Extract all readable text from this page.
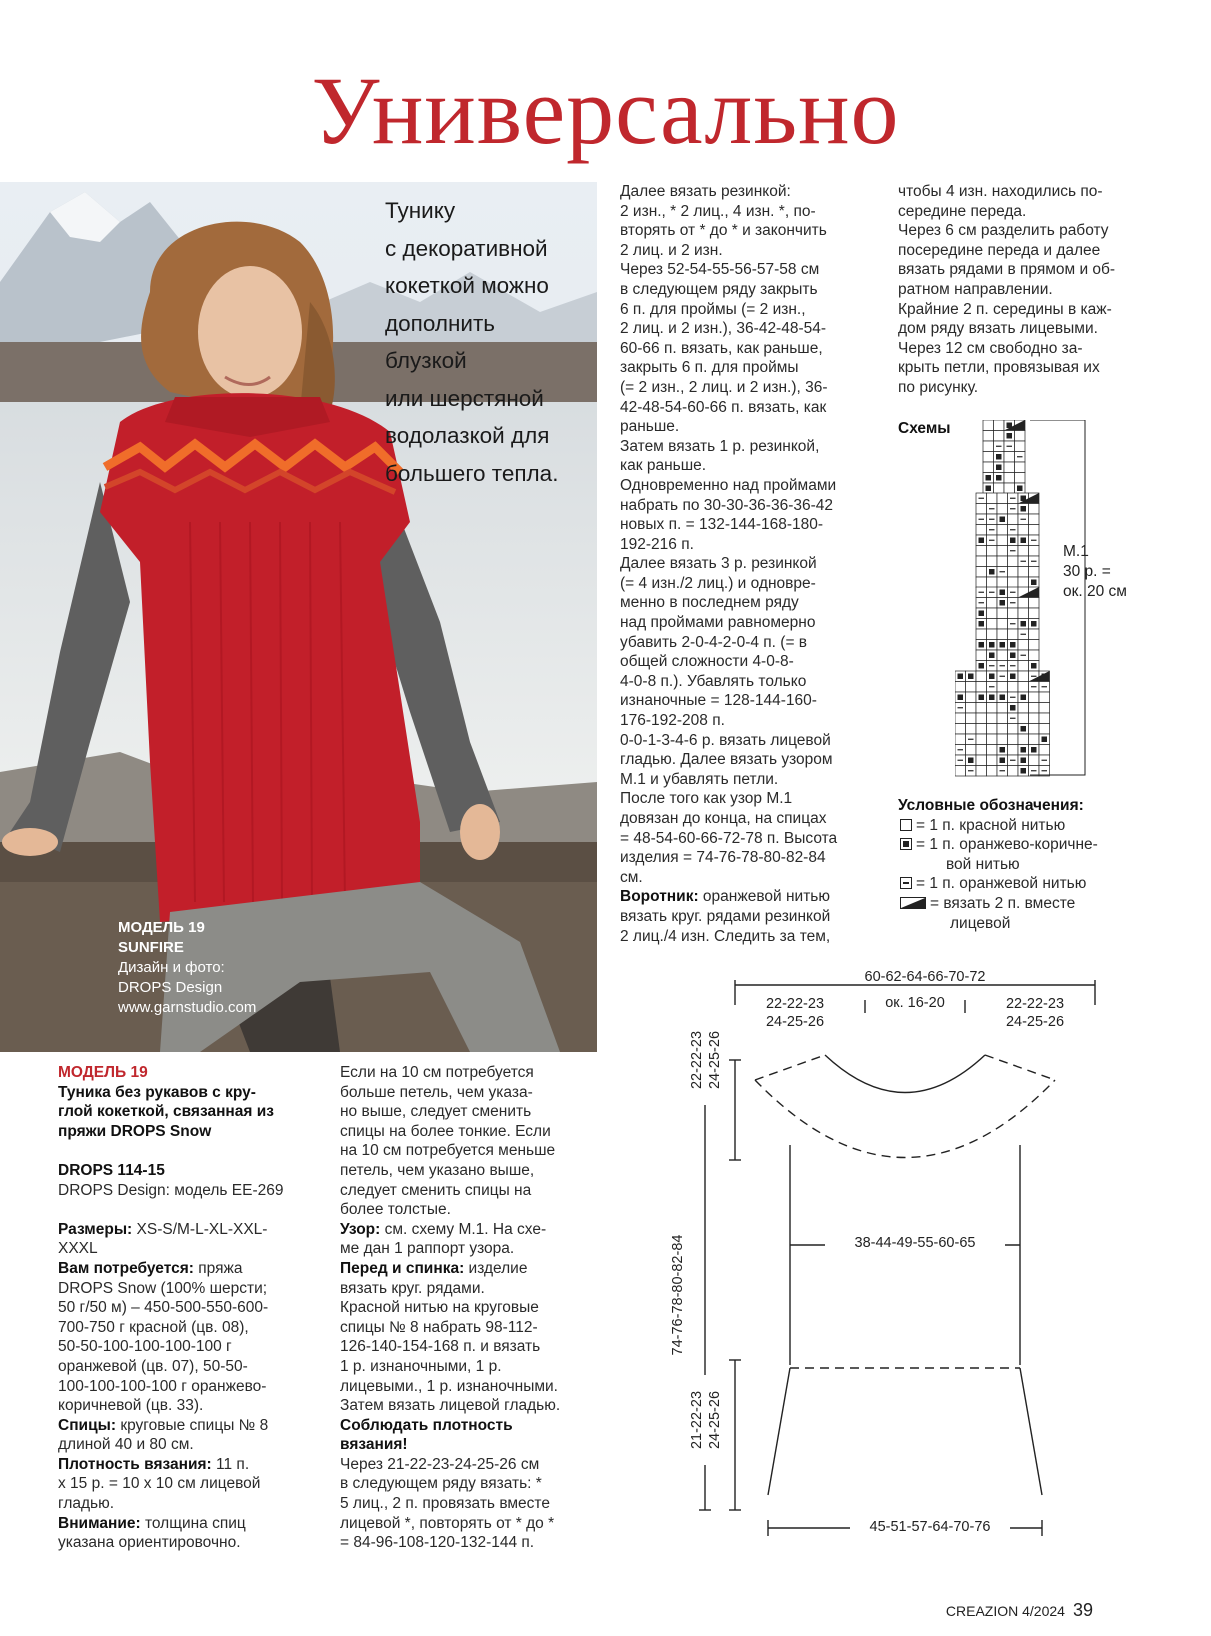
Универсально
Тунику
с декоративной
кокеткой можно
дополнить
блузкой
или шерстяной
водолазкой для
большего тепла.
МОДЕЛЬ 19
SUNFIRE
Дизайн и фото:
DROPS Design
www.garnstudio.com

МОДЕЛЬ 19

Туника без рукавов с кру-

глой кокеткой, связанная из

пряжи DROPS Snow

DROPS 114-15

DROPS Design: модель EE-269

Размеры: XS-S/M-L-XL-XXL-

XXXL

Вам потребуется: пряжа

DROPS Snow (100% шерсти;

50 г/50 м) – 450-500-550-600-

700-750 г красной (цв. 08),

50-50-100-100-100-100 г

оранжевой (цв. 07), 50-50-

100-100-100-100 г оранжево-

коричневой (цв. 33).

Спицы: круговые спицы № 8

длиной 40 и 80 см.

Плотность вязания: 11 п.

x 15 р. = 10 x 10 см лицевой

гладью.

Внимание: толщина спиц

указана ориентировочно.

Если на 10 см потребуется

больше петель, чем указа-

но выше, следует сменить

спицы на более тонкие. Если

на 10 см потребуется меньше

петель, чем указано выше,

следует сменить спицы на

более толстые.

Узор: см. схему М.1. На схе-

ме дан 1 раппорт узора.

Перед и спинка: изделие

вязать круг. рядами.

Красной нитью на круговые

спицы № 8 набрать 98-112-

126-140-154-168 п. и вязать

1 р. изнаночными, 1 р.

лицевыми., 1 р. изнаночными.

Затем вязать лицевой гладью.

Соблюдать плотность

вязания!

Через 21-22-23-24-25-26 см

в следующем ряду вязать: *

5 лиц., 2 п. провязать вместе

лицевой *, повторять от * до *

= 84-96-108-120-132-144 п.

Далее вязать резинкой:

2 изн., * 2 лиц., 4 изн. *, по-

вторять от * до * и закончить

2 лиц. и 2 изн.

Через 52-54-55-56-57-58 см

в следующем ряду закрыть

6 п. для проймы (= 2 изн.,

2 лиц. и 2 изн.), 36-42-48-54-

60-66 п. вязать, как раньше,

закрыть 6 п. для проймы

(= 2 изн., 2 лиц. и 2 изн.), 36-

42-48-54-60-66 п. вязать, как

раньше.

Затем вязать 1 р. резинкой,

как раньше.

Одновременно над проймами

набрать по 30-30-36-36-36-42

новых п. = 132-144-168-180-

192-216 п.

Далее вязать 3 р. резинкой

(= 4 изн./2 лиц.) и одновре-

менно в последнем ряду

над проймами равномерно

убавить 2-0-4-2-0-4 п. (= в

общей сложности 4-0-8-

4-0-8 п.). Убавлять только

изнаночные = 128-144-160-

176-192-208 п.

0-0-1-3-4-6 р. вязать лицевой

гладью. Далее вязать узором

М.1 и убавлять петли.

После того как узор М.1

довязан до конца, на спицах

= 48-54-60-66-72-78 п. Высота

изделия = 74-76-78-80-82-84

см.

Воротник: оранжевой нитью

вязать круг. рядами резинкой

2 лиц./4 изн. Следить за тем,

чтобы 4 изн. находились по-

середине переда.

Через 6 см разделить работу

посередине переда и далее

вязать рядами в прямом и об-

ратном направлении.

Крайние 2 п. середины в каж-

дом ряду вязать лицевыми.

Через 12 см свободно за-

крыть петли, провязывая их

по рисунку.

Схемы

М.1
30 р. =
ок. 20 см

Условные обозначения:

= 1 п. красной нитью

= 1 п. оранжево-коричне-

вой нитью

= 1 п. оранжевой нитью

= вязать 2 п. вместе

лицевой

60-62-64-66-70-72
22-22-23
24-25-26
ок. 16-20	22-22-23
24-25-26
38-44-49-55-60-65
45-51-57-64-70-76
22-22-23 24-25-26
74-76-78-80-82-84
21-22-23 24-25-26
CREAZION 4/2024 39
